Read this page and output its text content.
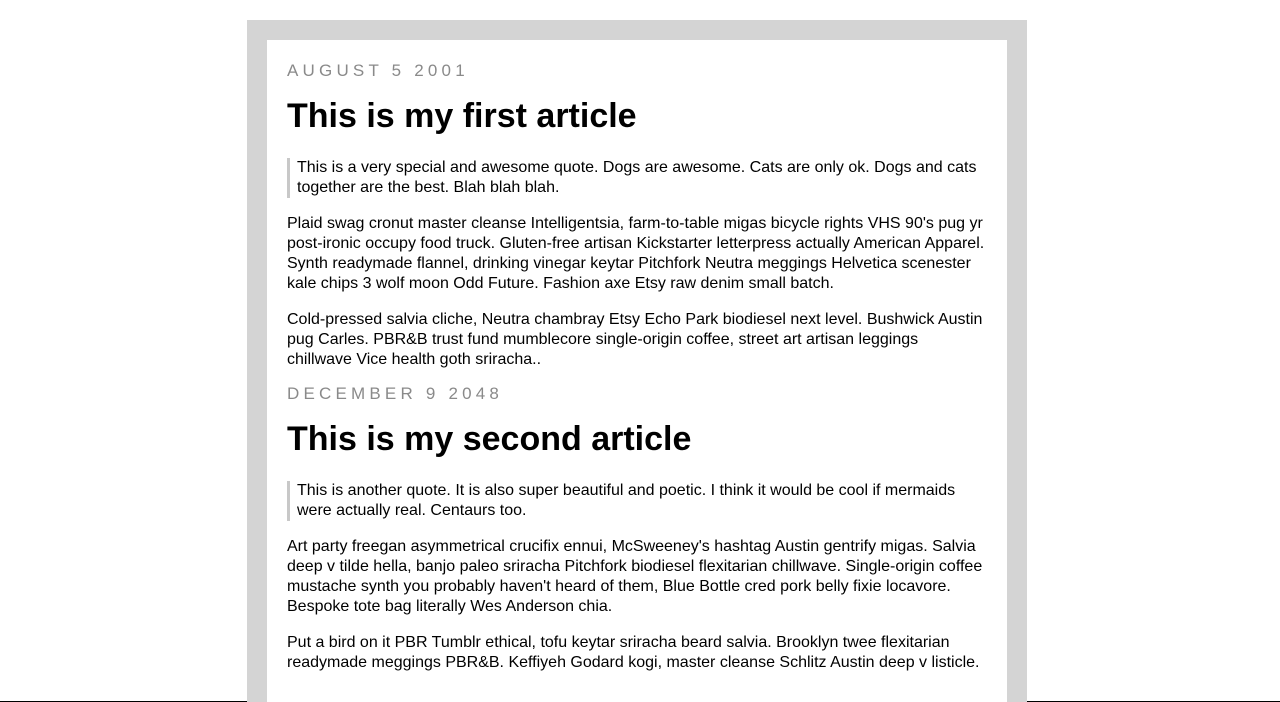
AUGUST 5 2001
This is my first article
This is a very special and awesome quote. Dogs are awesome. Cats are only ok. Dogs and cats together are the best. Blah blah blah.

Plaid swag cronut master cleanse Intelligentsia, farm-to-table migas bicycle rights VHS 90's pug yr post-ironic occupy food truck. Gluten-free artisan Kickstarter letterpress actually American Apparel. Synth readymade flannel, drinking vinegar keytar Pitchfork Neutra meggings Helvetica scenester kale chips 3 wolf moon Odd Future. Fashion axe Etsy raw denim small batch.

Cold-pressed salvia cliche, Neutra chambray Etsy Echo Park biodiesel next level. Bushwick Austin pug Carles. PBR&B trust fund mumblecore single-origin coffee, street art artisan leggings chillwave Vice health goth sriracha..

DECEMBER 9 2048
This is my second article
This is another quote. It is also super beautiful and poetic. I think it would be cool if mermaids were actually real. Centaurs too.

Art party freegan asymmetrical crucifix ennui, McSweeney's hashtag Austin gentrify migas. Salvia deep v tilde hella, banjo paleo sriracha Pitchfork biodiesel flexitarian chillwave. Single-origin coffee mustache synth you probably haven't heard of them, Blue Bottle cred pork belly fixie locavore. Bespoke tote bag literally Wes Anderson chia.

Put a bird on it PBR Tumblr ethical, tofu keytar sriracha beard salvia. Brooklyn twee flexitarian readymade meggings PBR&B. Keffiyeh Godard kogi, master cleanse Schlitz Austin deep v listicle.
